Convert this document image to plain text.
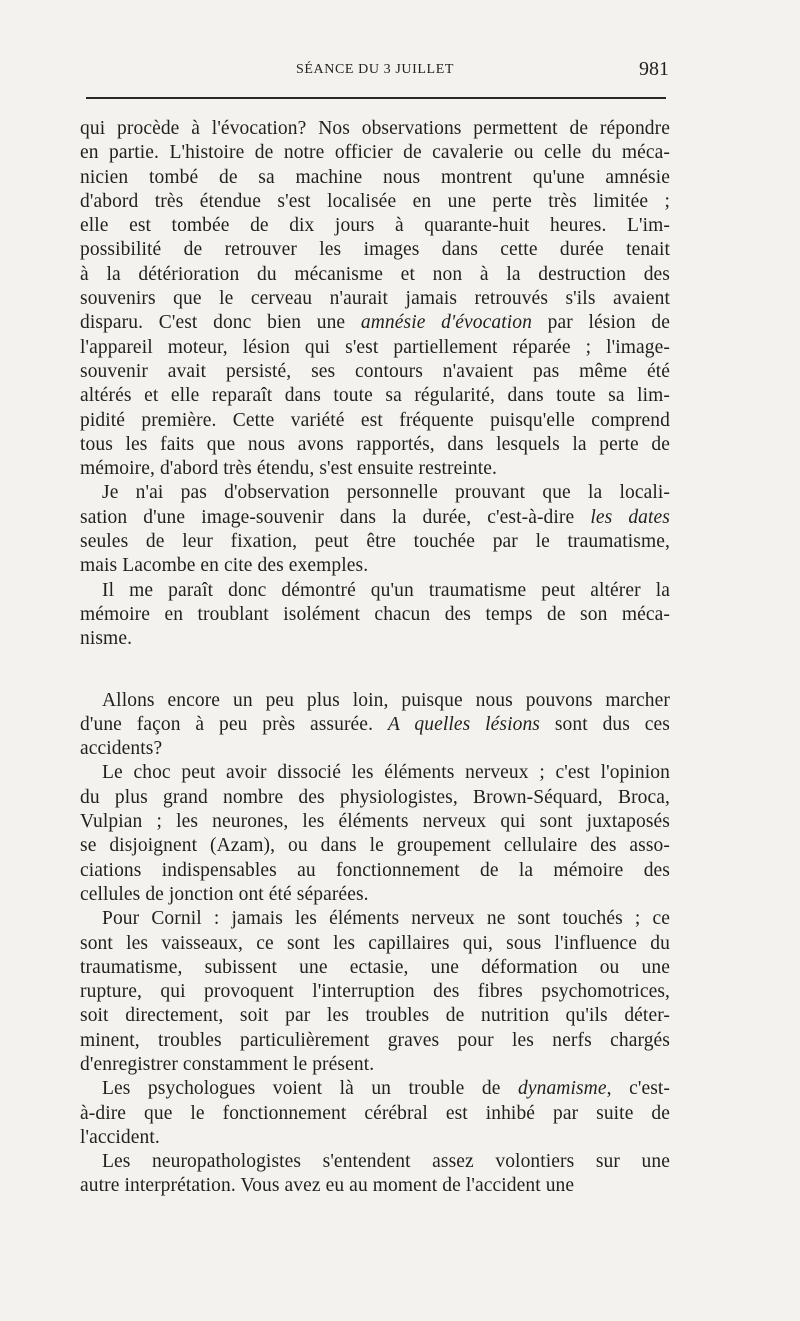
SÉANCE DU 3 JUILLET	981
qui procède à l'évocation? Nos observations permettent de répondre
en partie. L'histoire de notre officier de cavalerie ou celle du méca-
nicien tombé de sa machine nous montrent qu'une amnésie
d'abord très étendue s'est localisée en une perte très limitée ;
elle est tombée de dix jours à quarante-huit heures. L'im-
possibilité de retrouver les images dans cette durée tenait
à la détérioration du mécanisme et non à la destruction des
souvenirs que le cerveau n'aurait jamais retrouvés s'ils avaient
disparu. C'est donc bien une amnésie d'évocation par lésion de
l'appareil moteur, lésion qui s'est partiellement réparée ; l'image-
souvenir avait persisté, ses contours n'avaient pas même été
altérés et elle reparaît dans toute sa régularité, dans toute sa lim-
pidité première. Cette variété est fréquente puisqu'elle comprend
tous les faits que nous avons rapportés, dans lesquels la perte de
mémoire, d'abord très étendu, s'est ensuite restreinte.
Je n'ai pas d'observation personnelle prouvant que la locali-
sation d'une image-souvenir dans la durée, c'est-à-dire les dates
seules de leur fixation, peut être touchée par le traumatisme,
mais Lacombe en cite des exemples.
Il me paraît donc démontré qu'un traumatisme peut altérer la
mémoire en troublant isolément chacun des temps de son méca-
nisme.
Allons encore un peu plus loin, puisque nous pouvons marcher
d'une façon à peu près assurée. A quelles lésions sont dus ces
accidents?
Le choc peut avoir dissocié les éléments nerveux ; c'est l'opinion
du plus grand nombre des physiologistes, Brown-Séquard, Broca,
Vulpian ; les neurones, les éléments nerveux qui sont juxtaposés
se disjoignent (Azam), ou dans le groupement cellulaire des asso-
ciations indispensables au fonctionnement de la mémoire des
cellules de jonction ont été séparées.
Pour Cornil : jamais les éléments nerveux ne sont touchés ; ce
sont les vaisseaux, ce sont les capillaires qui, sous l'influence du
traumatisme, subissent une ectasie, une déformation ou une
rupture, qui provoquent l'interruption des fibres psychomotrices,
soit directement, soit par les troubles de nutrition qu'ils déter-
minent, troubles particulièrement graves pour les nerfs chargés
d'enregistrer constamment le présent.
Les psychologues voient là un trouble de dynamisme, c'est-
à-dire que le fonctionnement cérébral est inhibé par suite de
l'accident.
Les neuropathologistes s'entendent assez volontiers sur une
autre interprétation. Vous avez eu au moment de l'accident une
